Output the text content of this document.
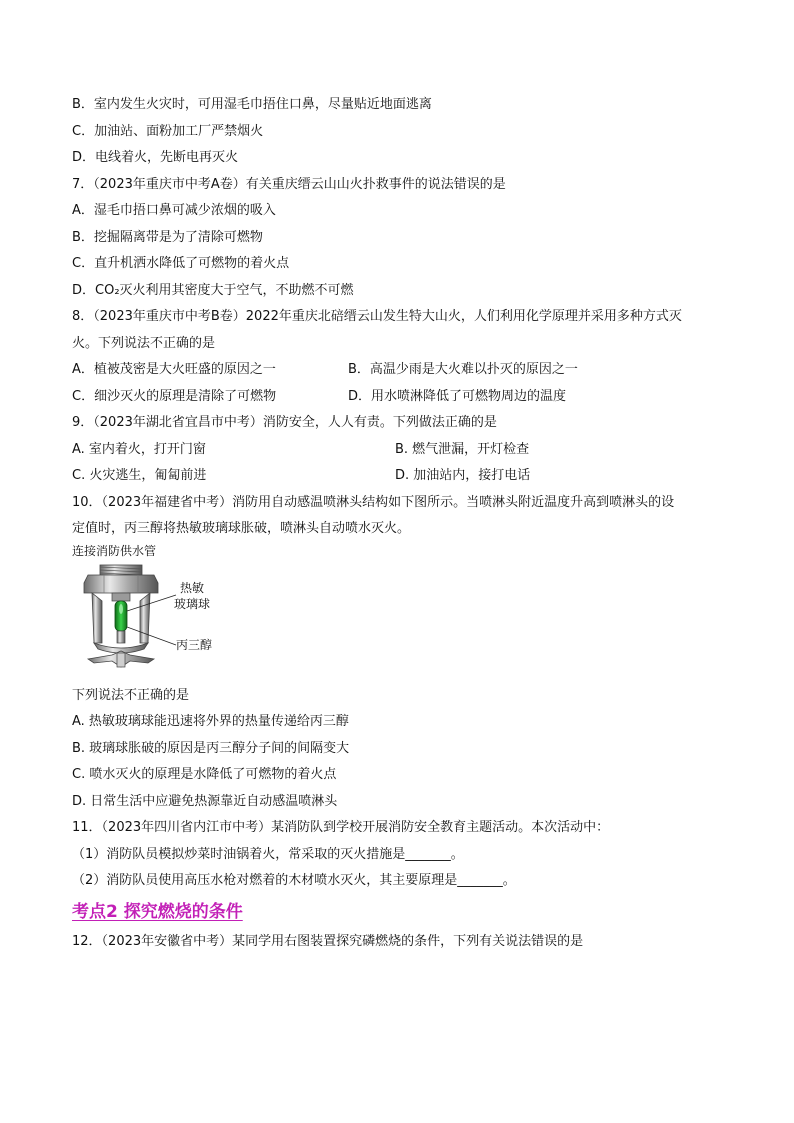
B．室内发生火灾时，可用湿毛巾捂住口鼻，尽量贴近地面逃离
C．加油站、面粉加工厂严禁烟火
D．电线着火，先断电再灭火
7．（2023年重庆市中考A卷）有关重庆缙云山山火扑救事件的说法错误的是
A．湿毛巾捂口鼻可减少浓烟的吸入
B．挖掘隔离带是为了清除可燃物
C．直升机洒水降低了可燃物的着火点
D．CO₂灭火利用其密度大于空气，不助燃不可燃
8．（2023年重庆市中考B卷）2022年重庆北碚缙云山发生特大山火，人们利用化学原理并采用多种方式灭
火。下列说法不正确的是
A．植被茂密是大火旺盛的原因之一	B．高温少雨是大火难以扑灭的原因之一
C．细沙灭火的原理是清除了可燃物	D．用水喷淋降低了可燃物周边的温度
9．（2023年湖北省宜昌市中考）消防安全，人人有责。下列做法正确的是
A. 室内着火，打开门窗	B. 燃气泄漏，开灯检查
C. 火灾逃生，匍匐前进	D. 加油站内，接打电话
10．（2023年福建省中考）消防用自动感温喷淋头结构如下图所示。当喷淋头附近温度升高到喷淋头的设
定值时，丙三醇将热敏玻璃球胀破，喷淋头自动喷水灭火。
连接消防供水管
热敏
玻璃球
丙三醇
下列说法不正确的是
A. 热敏玻璃球能迅速将外界的热量传递给丙三醇
B. 玻璃球胀破的原因是丙三醇分子间的间隔变大
C. 喷水灭火的原理是水降低了可燃物的着火点
D. 日常生活中应避免热源靠近自动感温喷淋头
11．（2023年四川省内江市中考）某消防队到学校开展消防安全教育主题活动。本次活动中：
（1）消防队员模拟炒菜时油锅着火，常采取的灭火措施是_______。
（2）消防队员使用高压水枪对燃着的木材喷水灭火，其主要原理是_______。
考点2 探究燃烧的条件
12．（2023年安徽省中考）某同学用右图装置探究磷燃烧的条件，下列有关说法错误的是
